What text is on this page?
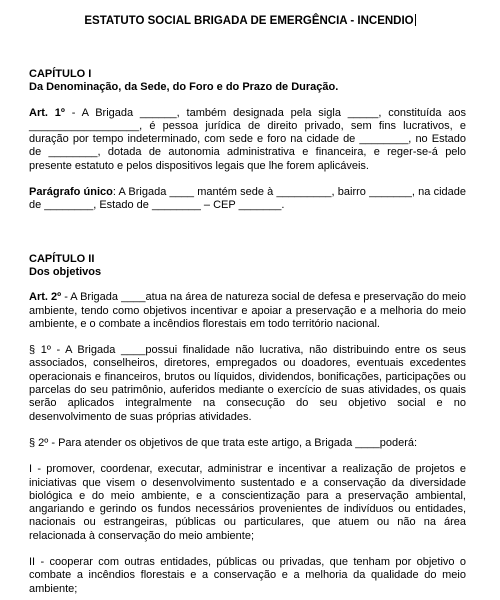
ESTATUTO SOCIAL BRIGADA DE EMERGÊNCIA - INCENDIO

CAPÍTULO I

Da Denominação, da Sede, do Foro e do Prazo de Duração.

Art. 1º - A Brigada ______, também designada pela sigla _____, constituída aos __________________, é pessoa jurídica de direito privado, sem fins lucrativos, e duração por tempo indeterminado, com sede e foro na cidade de ________, no Estado de ________, dotada de autonomia administrativa e financeira, e reger-se-á pelo presente estatuto e pelos dispositivos legais que lhe forem aplicáveis.

Parágrafo único: A Brigada ____ mantém sede à _________, bairro _______, na cidade de ________, Estado de ________ – CEP _______.

CAPÍTULO II

Dos objetivos

Art. 2º - A Brigada ____atua na área de natureza social de defesa e preservação do meio ambiente, tendo como objetivos incentivar e apoiar a preservação e a melhoria do meio ambiente, e o combate a incêndios florestais em todo território nacional.

§ 1º - A Brigada ____possui finalidade não lucrativa, não distribuindo entre os seus associados, conselheiros, diretores, empregados ou doadores, eventuais excedentes operacionais e financeiros, brutos ou líquidos, dividendos, bonificações, participações ou parcelas do seu patrimônio, auferidos mediante o exercício de suas atividades, os quais serão aplicados integralmente na consecução do seu objetivo social e no desenvolvimento de suas próprias atividades.

§ 2º - Para atender os objetivos de que trata este artigo, a Brigada ____poderá:

I - promover, coordenar, executar, administrar e incentivar a realização de projetos e iniciativas que visem o desenvolvimento sustentado e a conservação da diversidade biológica e do meio ambiente, e a conscientização para a preservação ambiental, angariando e gerindo os fundos necessários provenientes de indivíduos ou entidades, nacionais ou estrangeiras, públicas ou particulares, que atuem ou não na área relacionada à conservação do meio ambiente;

II - cooperar com outras entidades, públicas ou privadas, que tenham por objetivo o combate a incêndios florestais e a conservação e a melhoria da qualidade do meio ambiente;
